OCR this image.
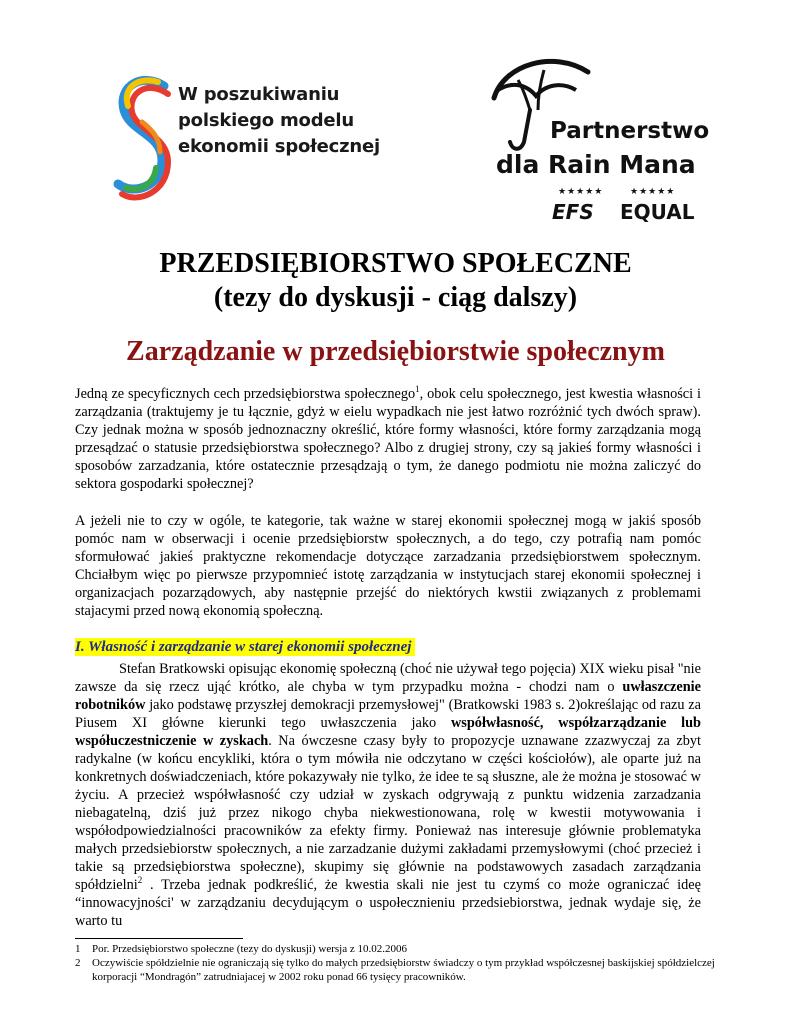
W poszukiwaniu
polskiego modelu
ekonomii społecznej
Partnerstwo
dla Rain Mana
★★★★★	★★★★★
EFS EQUAL
PRZEDSIĘBIORSTWO SPOŁECZNE
(tezy do dyskusji - ciąg dalszy)
Zarządzanie w przedsiębiorstwie społecznym
Jedną ze specyficznych cech przedsiębiorstwa społecznego$^1$, obok celu społecznego, jest kwestia własności i zarządzania (traktujemy je tu łącznie, gdyż w eielu wypadkach nie jest łatwo rozróżnić tych dwóch spraw). Czy jednak można w sposób jednoznaczny określić, które formy własności, które formy zarządzania mogą przesądzać o statusie przedsiębiorstwa społecznego? Albo z drugiej strony, czy są jakieś formy własności i sposobów zarzadzania, które ostatecznie przesądzają o tym, że danego podmiotu nie można zaliczyć do sektora gospodarki społecznej?
A jeżeli nie to czy w ogóle, te kategorie, tak ważne w starej ekonomii społecznej mogą w jakiś sposób pomóc nam w obserwacji i ocenie przedsiębiorstw społecznych, a do tego, czy potrafią nam pomóc sformułować jakieś praktyczne rekomendacje dotyczące zarzadzania przedsiębiorstwem społecznym. Chciałbym więc po pierwsze przypomnieć istotę zarządzania w instytucjach starej ekonomii społecznej i organizacjach pozarządowych, aby następnie przejść do niektórych kwstii związanych z problemami stajacymi przed nową ekonomią społeczną.
I. Własność i zarządzanie w starej ekonomii społecznej
Stefan Bratkowski opisując ekonomię społeczną (choć nie używał tego pojęcia) XIX wieku pisał "nie zawsze da się rzecz ująć krótko, ale chyba w tym przypadku można - chodzi nam o uwłaszczenie robotników jako podstawę przyszłej demokracji przemysłowej" (Bratkowski 1983 s. 2)określając od razu za Piusem XI główne kierunki tego uwłaszczenia jako współwłasność, współzarządzanie lub współuczestniczenie w zyskach. Na ówczesne czasy były to propozycje uznawane zzazwyczaj za zbyt radykalne (w końcu encykliki, która o tym mówiła nie odczytano w części kościołów), ale oparte już na konkretnych doświadczeniach, które pokazywały nie tylko, że idee te są słuszne, ale że można je stosować w życiu. A przecież współwłasność czy udział w zyskach odgrywają z punktu widzenia zarzadzania niebagatelną, dziś już przez nikogo chyba niekwestionowana, rolę w kwestii motywowania i współodpowiedzialności pracowników za efekty firmy. Ponieważ nas interesuje głównie problematyka małych przedsiebiorstw społecznych, a nie zarzadzanie dużymi zakładami przemysłowymi (choć przecież i takie są przedsiębiorstwa społeczne), skupimy się głównie na podstawowych zasadach zarządzania spółdzielni$^2$ . Trzeba jednak podkreślić, że kwestia skali nie jest tu czymś co może ograniczać ideę “innowacyjności' w zarządzaniu decydującym o uspołecznieniu przedsiebiorstwa, jednak wydaje się, że warto tu
1 Por. Przedsiębiorstwo społeczne (tezy do dyskusji) wersja z 10.02.2006
2 Oczywiście spółdzielnie nie ograniczają się tylko do małych przedsiębiorstw świadczy o tym przykład współczesnej baskijskiej spółdzielczej korporacji “Mondragón” zatrudniajacej w 2002 roku ponad 66 tysięcy pracowników.
